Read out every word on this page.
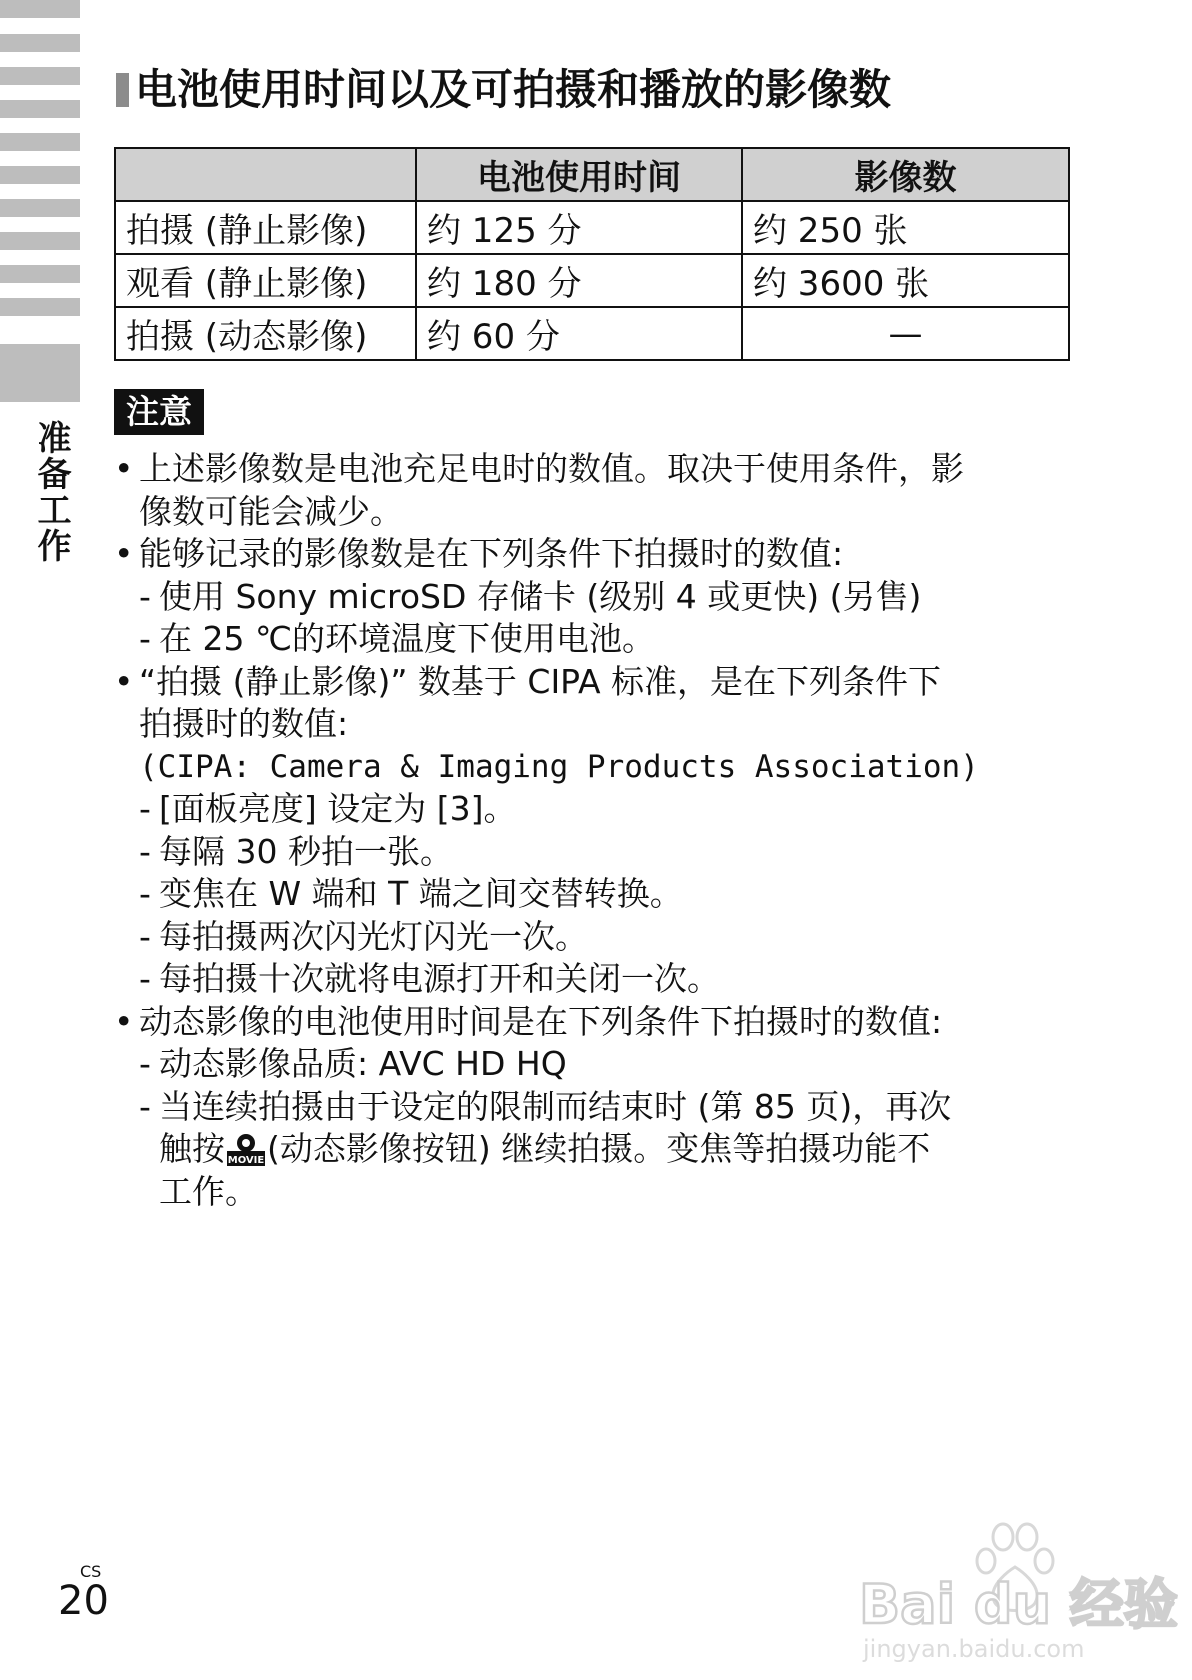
准备工作
电池使用时间以及可拍摄和播放的影像数
	电池使用时间	影像数
拍摄 (静止影像)	约 125 分	约 250 张
观看 (静止影像)	约 180 分	约 3600 张
拍摄 (动态影像)	约 60 分	—
注意
• 上述影像数是电池充足电时的数值。取决于使用条件，影
像数可能会减少。
• 能够记录的影像数是在下列条件下拍摄时的数值:
- 使用 Sony microSD 存储卡 (级别 4 或更快) (另售)
- 在 25 ℃的环境温度下使用电池。
• “拍摄 (静止影像)” 数基于 CIPA 标准，是在下列条件下
拍摄时的数值:
(CIPA: Camera & Imaging Products Association)
- [面板亮度] 设定为 [3]。
- 每隔 30 秒拍一张。
- 变焦在 W 端和 T 端之间交替转换。
- 每拍摄两次闪光灯闪光一次。
- 每拍摄十次就将电源打开和关闭一次。
• 动态影像的电池使用时间是在下列条件下拍摄时的数值:
- 动态影像品质: AVC HD HQ
- 当连续拍摄由于设定的限制而结束时 (第 85 页)，再次
触按 MOVIE (动态影像按钮) 继续拍摄。变焦等拍摄功能不
工作。
CS
20	Bai du 经验
jingyan.baidu.com
